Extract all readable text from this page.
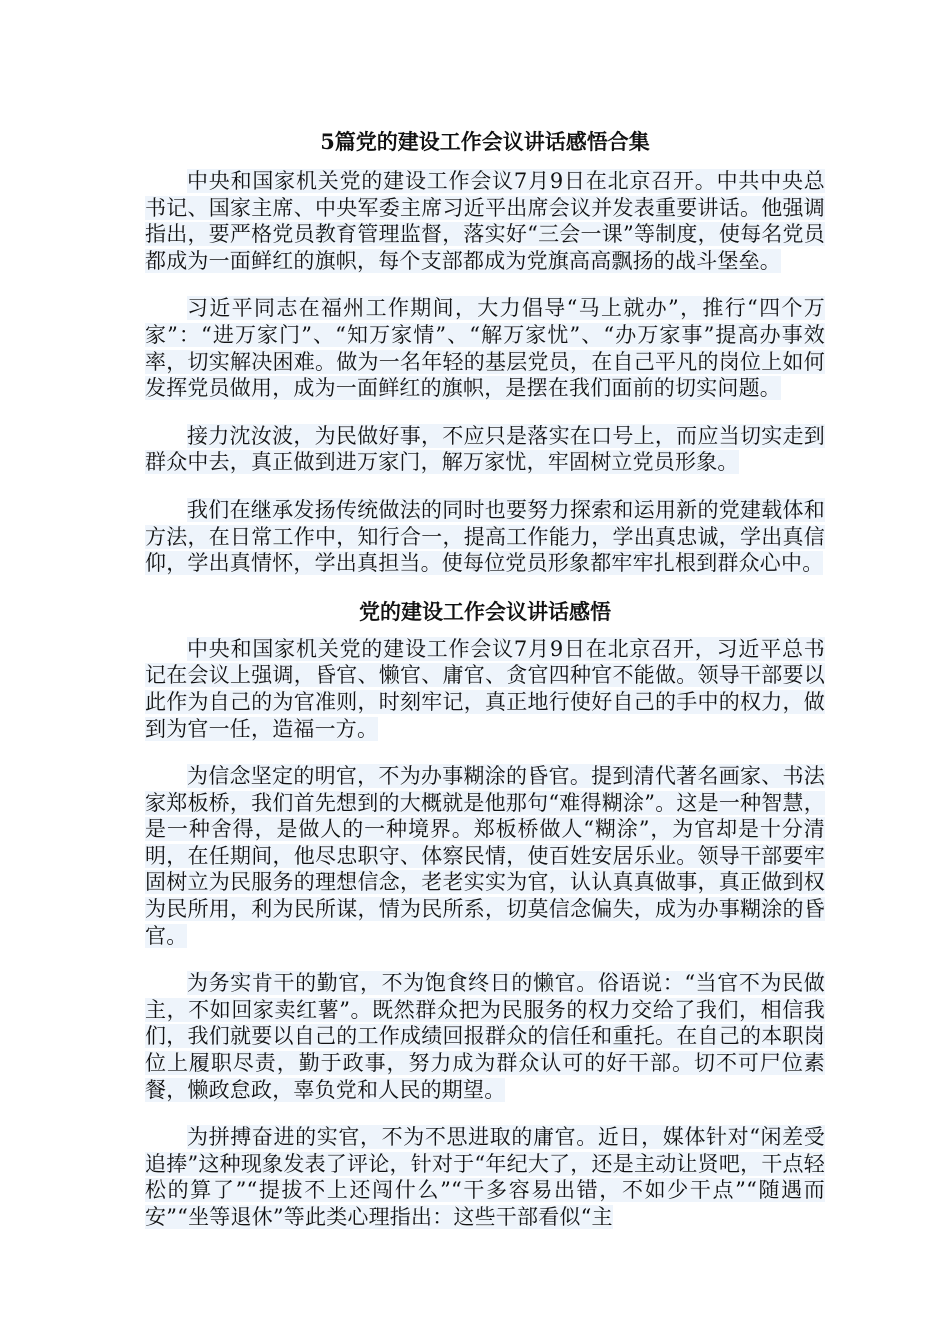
5篇党的建设工作会议讲话感悟合集

中央和国家机关党的建设工作会议7月9日在北京召开。中共中央总书记、国家主席、中央军委主席习近平出席会议并发表重要讲话。他强调指出，要严格党员教育管理监督，落实好“三会一课”等制度，使每名党员都成为一面鲜红的旗帜，每个支部都成为党旗高高飘扬的战斗堡垒。

习近平同志在福州工作期间，大力倡导“马上就办”，推行“四个万家”：“进万家门”、“知万家情”、“解万家忧”、“办万家事”提高办事效率，切实解决困难。做为一名年轻的基层党员，在自己平凡的岗位上如何发挥党员做用，成为一面鲜红的旗帜，是摆在我们面前的切实问题。

接力沈汝波，为民做好事，不应只是落实在口号上，而应当切实走到群众中去，真正做到进万家门，解万家忧，牢固树立党员形象。

我们在继承发扬传统做法的同时也要努力探索和运用新的党建载体和方法，在日常工作中，知行合一，提高工作能力，学出真忠诚，学出真信仰，学出真情怀，学出真担当。使每位党员形象都牢牢扎根到群众心中。

党的建设工作会议讲话感悟

中央和国家机关党的建设工作会议7月9日在北京召开，习近平总书记在会议上强调，昏官、懒官、庸官、贪官四种官不能做。领导干部要以此作为自己的为官准则，时刻牢记，真正地行使好自己的手中的权力，做到为官一任，造福一方。

为信念坚定的明官，不为办事糊涂的昏官。提到清代著名画家、书法家郑板桥，我们首先想到的大概就是他那句“难得糊涂”。这是一种智慧，是一种舍得，是做人的一种境界。郑板桥做人“糊涂”，为官却是十分清明，在任期间，他尽忠职守、体察民情，使百姓安居乐业。领导干部要牢固树立为民服务的理想信念，老老实实为官，认认真真做事，真正做到权为民所用，利为民所谋，情为民所系，切莫信念偏失，成为办事糊涂的昏官。

为务实肯干的勤官，不为饱食终日的懒官。俗语说：“当官不为民做主，不如回家卖红薯”。既然群众把为民服务的权力交给了我们，相信我们，我们就要以自己的工作成绩回报群众的信任和重托。在自己的本职岗位上履职尽责，勤于政事，努力成为群众认可的好干部。切不可尸位素餐，懒政怠政，辜负党和人民的期望。

为拼搏奋进的实官，不为不思进取的庸官。近日，媒体针对“闲差受追捧”这种现象发表了评论，针对于“年纪大了，还是主动让贤吧，干点轻松的算了”“提拔不上还闯什么”“干多容易出错，不如少干点”“随遇而安”“坐等退休”等此类心理指出：这些干部看似“主
